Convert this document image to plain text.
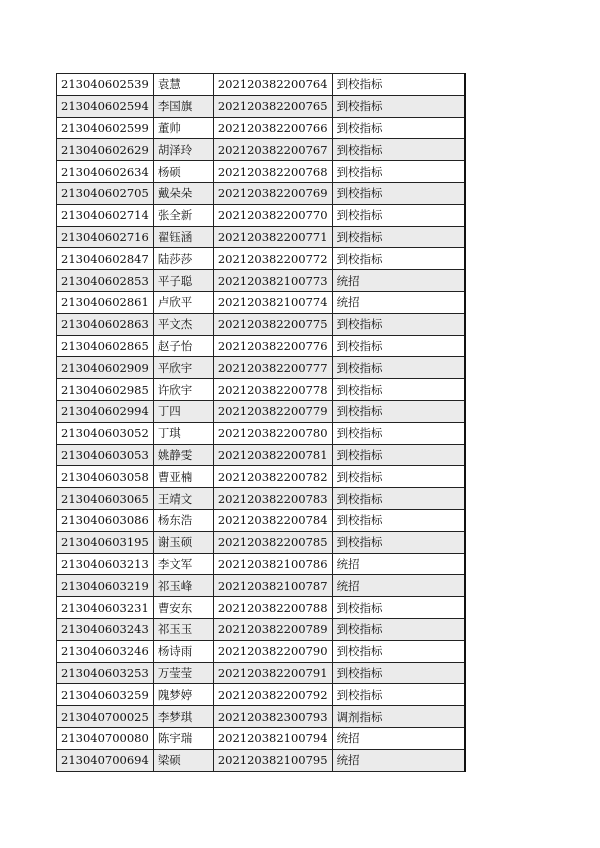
213040602539	袁慧	202120382200764	到校指标
213040602594	李国旗	202120382200765	到校指标
213040602599	董帅	202120382200766	到校指标
213040602629	胡泽玲	202120382200767	到校指标
213040602634	杨硕	202120382200768	到校指标
213040602705	戴朵朵	202120382200769	到校指标
213040602714	张全新	202120382200770	到校指标
213040602716	翟钰涵	202120382200771	到校指标
213040602847	陆莎莎	202120382200772	到校指标
213040602853	平子聪	202120382100773	统招
213040602861	卢欣平	202120382100774	统招
213040602863	平文杰	202120382200775	到校指标
213040602865	赵子怡	202120382200776	到校指标
213040602909	平欣宇	202120382200777	到校指标
213040602985	许欣宇	202120382200778	到校指标
213040602994	丁四	202120382200779	到校指标
213040603052	丁琪	202120382200780	到校指标
213040603053	姚静雯	202120382200781	到校指标
213040603058	曹亚楠	202120382200782	到校指标
213040603065	王靖文	202120382200783	到校指标
213040603086	杨东浩	202120382200784	到校指标
213040603195	谢玉硕	202120382200785	到校指标
213040603213	李文军	202120382100786	统招
213040603219	祁玉峰	202120382100787	统招
213040603231	曹安东	202120382200788	到校指标
213040603243	祁玉玉	202120382200789	到校指标
213040603246	杨诗雨	202120382200790	到校指标
213040603253	万莹莹	202120382200791	到校指标
213040603259	隗梦婷	202120382200792	到校指标
213040700025	李梦琪	202120382300793	调剂指标
213040700080	陈宇瑞	202120382100794	统招
213040700694	梁硕	202120382100795	统招
